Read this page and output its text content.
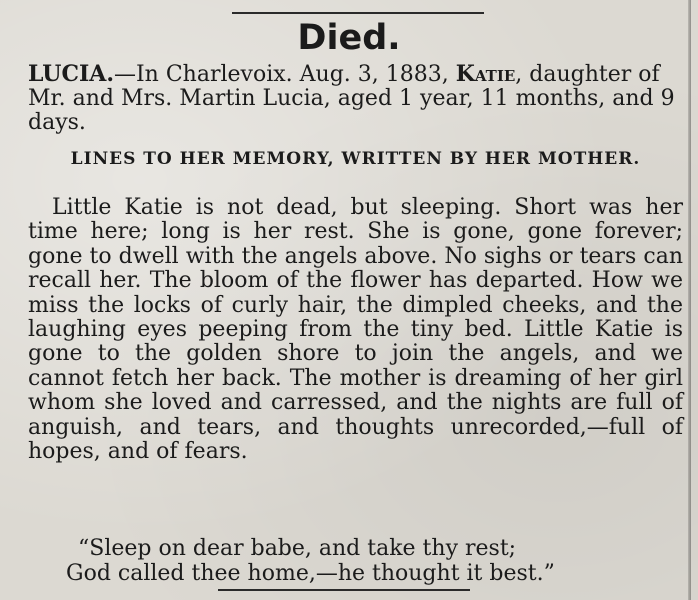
Died.
LUCIA.—In Charlevoix. Aug. 3, 1883, Katie, daughter of Mr. and Mrs. Martin Lucia, aged 1 year, 11 months, and 9 days.
LINES TO HER MEMORY, WRITTEN BY HER MOTHER.
Little Katie is not dead, but sleeping. Short was her time here; long is her rest. She is gone, gone forever; gone to dwell with the angels above. No sighs or tears can recall her. The bloom of the flower has departed. How we miss the locks of curly hair, the dimpled cheeks, and the laughing eyes peeping from the tiny bed. Little Katie is gone to the golden shore to join the angels, and we cannot fetch her back. The mother is dreaming of her girl whom she loved and carressed, and the nights are full of anguish, and tears, and thoughts unrecorded,—full of hopes, and of fears.
“Sleep on dear babe, and take thy rest;
God called thee home,—he thought it best.”
